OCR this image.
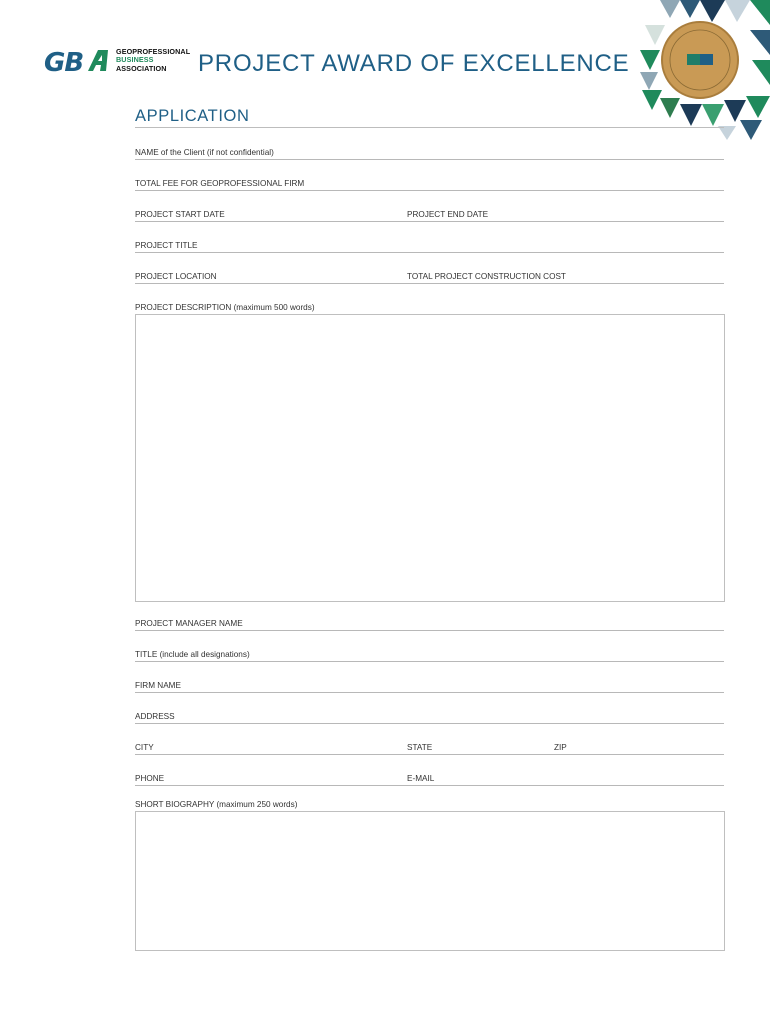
GB	GEOPROFESSIONAL
BUSINESS
ASSOCIATION	PROJECT AWARD OF EXCELLENCE
APPLICATION
NAME of the Client (if not confidential)
TOTAL FEE FOR GEOPROFESSIONAL FIRM
PROJECT START DATE	PROJECT END DATE
PROJECT TITLE
PROJECT LOCATION	TOTAL PROJECT CONSTRUCTION COST
PROJECT DESCRIPTION (maximum 500 words)
PROJECT MANAGER NAME
TITLE (include all designations)
FIRM NAME
ADDRESS
CITY	STATE	ZIP
PHONE	E-MAIL
SHORT BIOGRAPHY (maximum 250 words)
